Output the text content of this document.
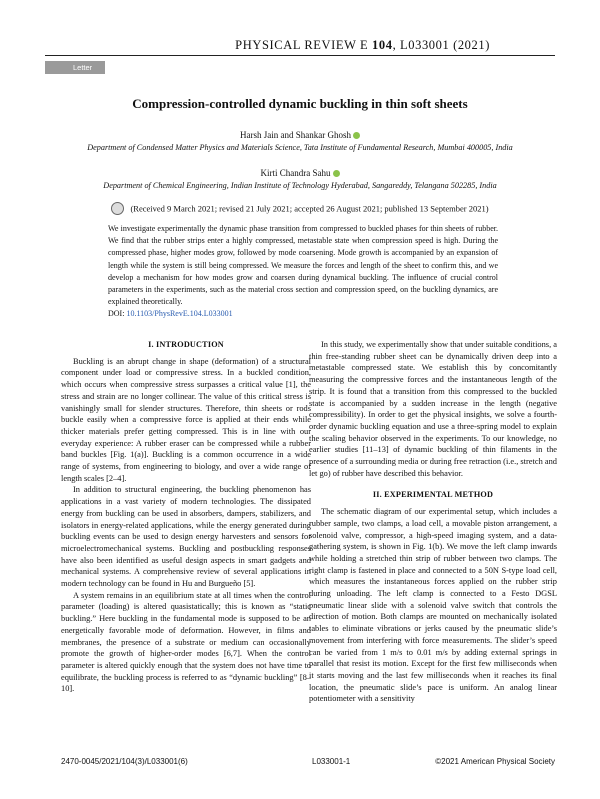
PHYSICAL REVIEW E 104, L033001 (2021)
Letter
Compression-controlled dynamic buckling in thin soft sheets
Harsh Jain and Shankar Ghosh
Department of Condensed Matter Physics and Materials Science, Tata Institute of Fundamental Research, Mumbai 400005, India
Kirti Chandra Sahu
Department of Chemical Engineering, Indian Institute of Technology Hyderabad, Sangareddy, Telangana 502285, India
(Received 9 March 2021; revised 21 July 2021; accepted 26 August 2021; published 13 September 2021)
We investigate experimentally the dynamic phase transition from compressed to buckled phases for thin sheets of rubber. We find that the rubber strips enter a highly compressed, metastable state when compression speed is high. During the compressed phase, higher modes grow, followed by mode coarsening. Mode growth is accompanied by an expansion of length while the system is still being compressed. We measure the forces and length of the sheet to confirm this, and we develop a mechanism for how modes grow and coarsen during dynamical buckling. The influence of crucial control parameters in the experiments, such as the material cross section and compression speed, on the buckling dynamics, are explained theoretically.
DOI: 10.1103/PhysRevE.104.L033001
I. INTRODUCTION

Buckling is an abrupt change in shape (deformation) of a structural component under load or compressive stress. In a buckled condition, which occurs when compressive stress surpasses a critical value [1], the stress and strain are no longer collinear. The value of this critical stress is vanishingly small for slender structures. Therefore, thin sheets or rods buckle easily when a compressive force is applied at their ends while thicker materials prefer getting compressed. This is in line with our everyday experience: A rubber eraser can be compressed while a rubber band buckles [Fig. 1(a)]. Buckling is a common occurrence in a wide range of systems, from engineering to biology, and over a wide range of length scales [2–4].

In addition to structural engineering, the buckling phenomenon has applications in a vast variety of modern technologies. The dissipated energy from buckling can be used in absorbers, dampers, stabilizers, and isolators in energy-related applications, while the energy generated during buckling events can be used to design energy harvesters and sensors for microelectromechanical systems. Buckling and postbuckling responses have also been identified as useful design aspects in smart gadgets and mechanical systems. A comprehensive review of several applications in modern technology can be found in Hu and Burgueño [5].

A system remains in an equilibrium state at all times when the control parameter (loading) is altered quasistatically; this is known as “static buckling.” Here buckling in the fundamental mode is supposed to be an energetically favorable mode of deformation. However, in films and membranes, the presence of a substrate or medium can occasionally promote the growth of higher-order modes [6,7]. When the control parameter is altered quickly enough that the system does not have time to equilibrate, the buckling process is referred to as “dynamic buckling” [8–10].

In this study, we experimentally show that under suitable conditions, a thin free-standing rubber sheet can be dynamically driven deep into a metastable compressed state. We establish this by concomitantly measuring the compressive forces and the instantaneous length of the strip. It is found that a transition from this compressed to the buckled state is accompanied by a sudden increase in the length (negative compressibility). In order to get the physical insights, we solve a fourth-order dynamic buckling equation and use a three-spring model to explain the scaling behavior observed in the experiments. To our knowledge, no earlier studies [11–13] of dynamic buckling of thin filaments in the presence of a surrounding media or during free retraction (i.e., stretch and let go) of rubber have described this behavior.

II. EXPERIMENTAL METHOD

The schematic diagram of our experimental setup, which includes a rubber sample, two clamps, a load cell, a movable piston arrangement, a solenoid valve, compressor, a high-speed imaging system, and a data-gathering system, is shown in Fig. 1(b). We move the left clamp inwards while holding a stretched thin strip of rubber between two clamps. The right clamp is fastened in place and connected to a 50N S-type load cell, which measures the instantaneous forces applied on the rubber strip during unloading. The left clamp is connected to a Festo DGSL pneumatic linear slide with a solenoid valve switch that controls the direction of motion. Both clamps are mounted on mechanically isolated tables to eliminate vibrations or jerks caused by the pneumatic slide’s movement from interfering with force measurements. The slider’s speed can be varied from 1 m/s to 0.01 m/s by adding external springs in parallel that resist its motion. Except for the first few milliseconds when it starts moving and the last few milliseconds when it reaches its final location, the pneumatic slide’s pace is uniform. An analog linear potentiometer with a sensitivity

2470-0045/2021/104(3)/L033001(6)	L033001-1	©2021 American Physical Society
